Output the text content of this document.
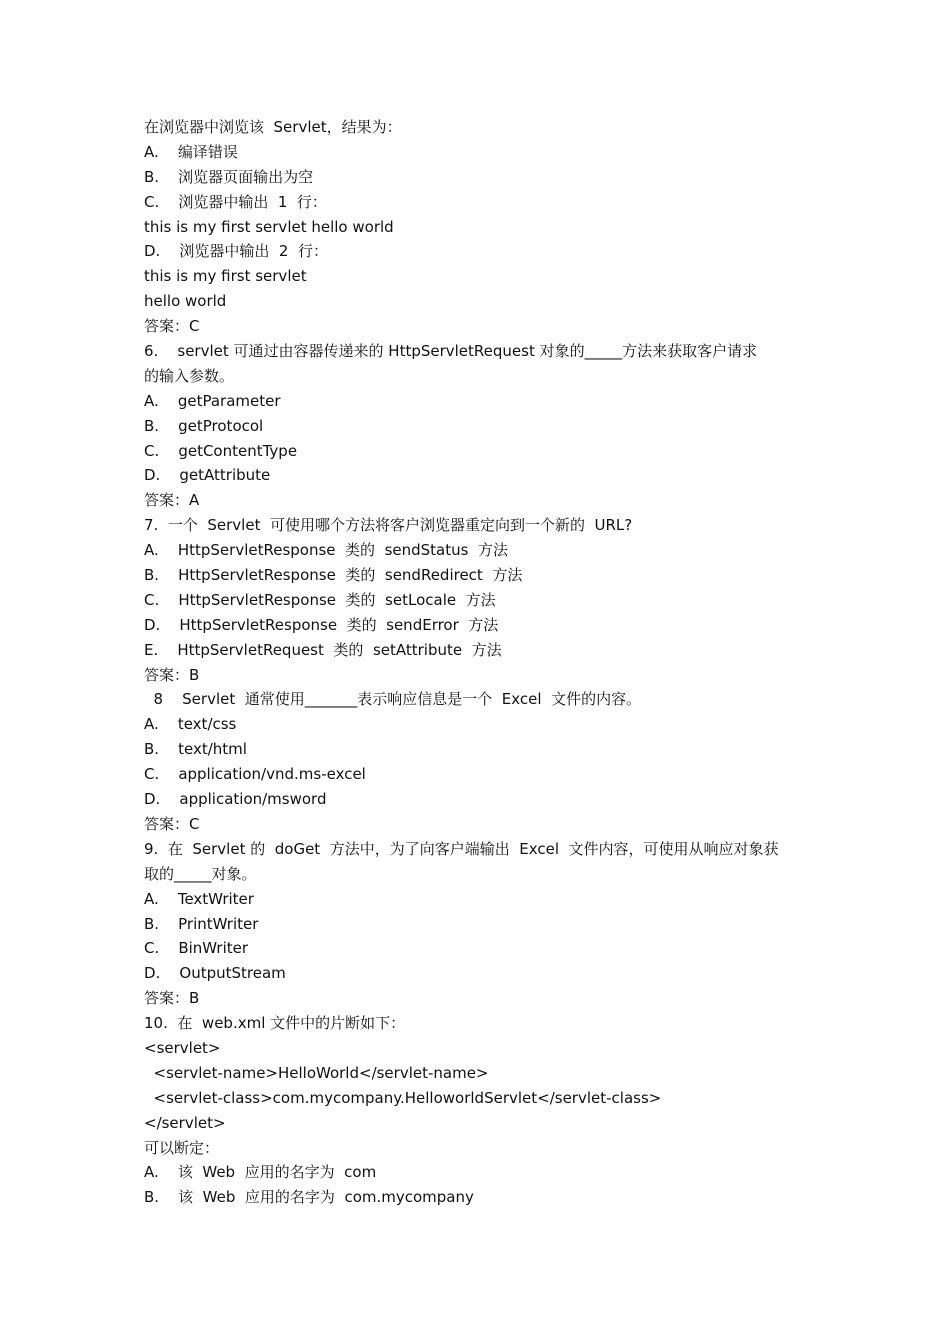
在浏览器中浏览该  Servlet，结果为：
A.    编译错误
B.    浏览器页面输出为空
C.    浏览器中输出  1  行：
this is my first servlet hello world
D.    浏览器中输出  2  行：
this is my first servlet
hello world
答案：C
6.    servlet 可通过由容器传递来的 HttpServletRequest 对象的_____方法来获取客户请求
的输入参数。
A.    getParameter
B.    getProtocol
C.    getContentType
D.    getAttribute
答案：A
7.  一个  Servlet  可使用哪个方法将客户浏览器重定向到一个新的  URL?
A.    HttpServletResponse  类的  sendStatus  方法
B.    HttpServletResponse  类的  sendRedirect  方法
C.    HttpServletResponse  类的  setLocale  方法
D.    HttpServletResponse  类的  sendError  方法
E.    HttpServletRequest  类的  setAttribute  方法
答案：B
8    Servlet  通常使用_______表示响应信息是一个  Excel  文件的内容。
A.    text/css
B.    text/html
C.    application/vnd.ms-excel
D.    application/msword
答案：C
9.  在  Servlet 的  doGet  方法中，为了向客户端输出  Excel  文件内容，可使用从响应对象获
取的_____对象。
A.    TextWriter
B.    PrintWriter
C.    BinWriter
D.    OutputStream
答案：B
10.  在  web.xml 文件中的片断如下：
<servlet>
<servlet-name>HelloWorld</servlet-name>
<servlet-class>com.mycompany.HelloworldServlet</servlet-class>
</servlet>
可以断定：
A.    该  Web  应用的名字为  com
B.    该  Web  应用的名字为  com.mycompany
